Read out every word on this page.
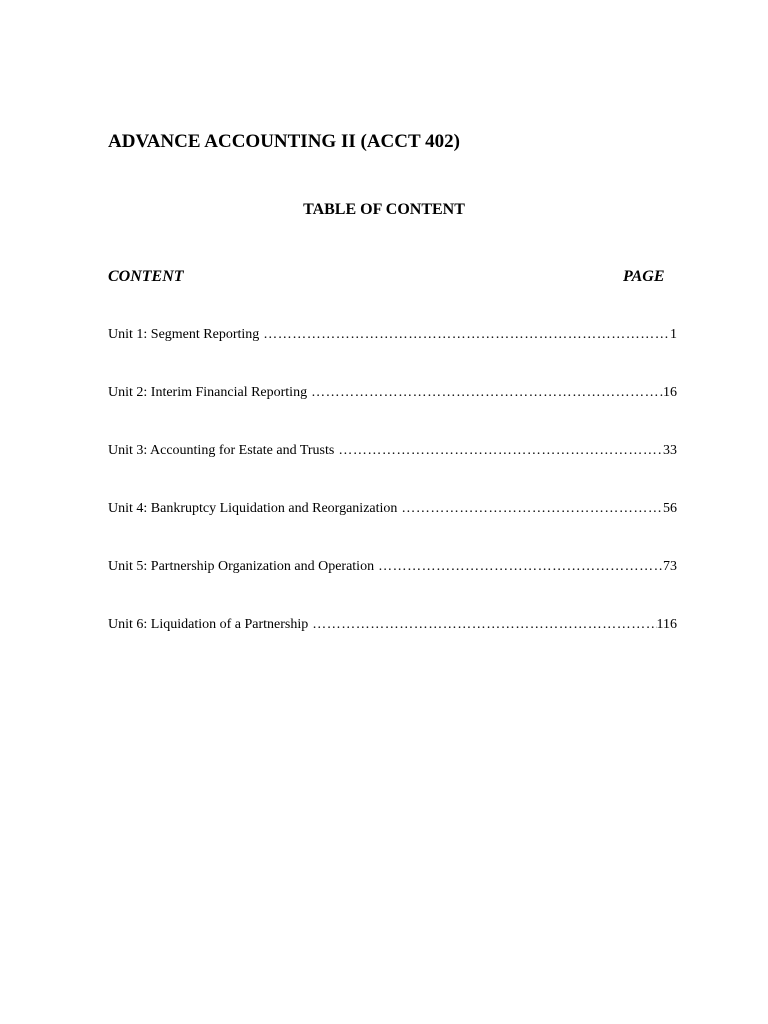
ADVANCE ACCOUNTING II (ACCT 402)
TABLE OF CONTENT
CONTENT	PAGE
Unit 1: Segment Reporting …………………………………………………………………………………………………………………………………………………………………………………………	1
Unit 2: Interim Financial Reporting …………………………………………………………………………………………………………………………………………………………………………………………	16
Unit 3: Accounting for Estate and Trusts …………………………………………………………………………………………………………………………………………………………………………………………	33
Unit 4: Bankruptcy Liquidation and Reorganization …………………………………………………………………………………………………………………………………………………………………………………………	56
Unit 5: Partnership Organization and Operation …………………………………………………………………………………………………………………………………………………………………………………………	73
Unit 6: Liquidation of a Partnership …………………………………………………………………………………………………………………………………………………………………………………………	116
